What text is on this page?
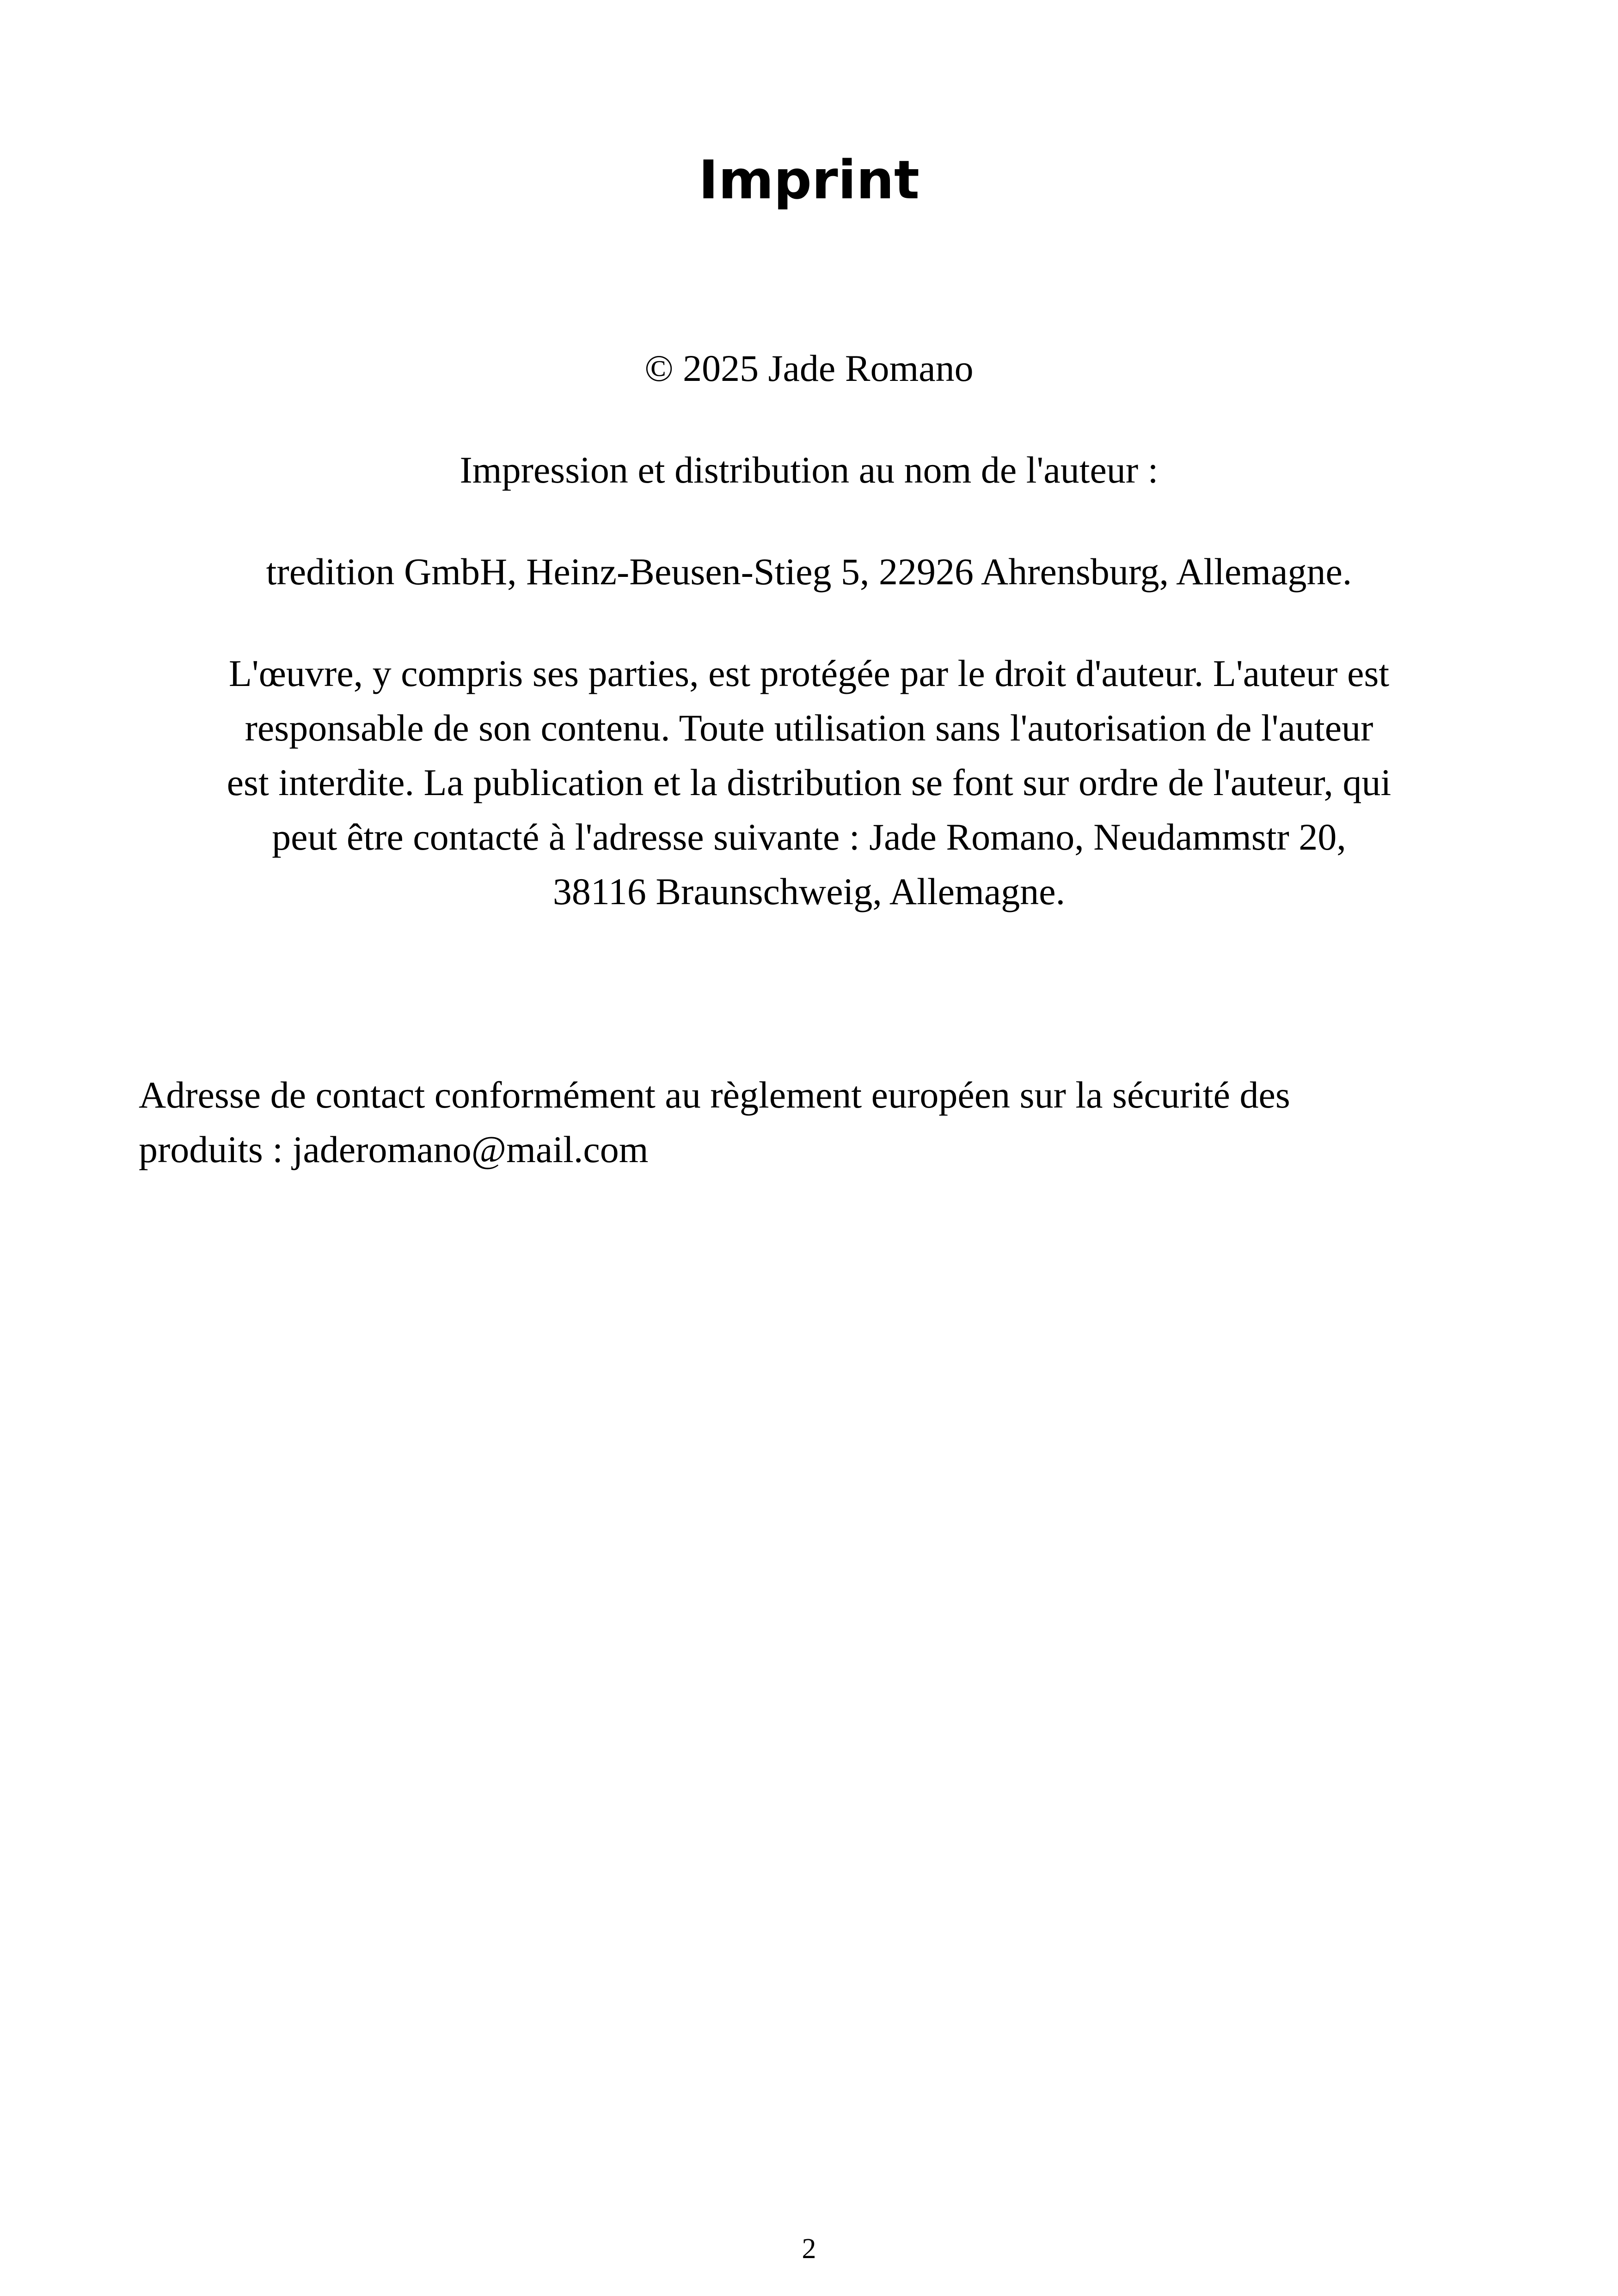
Imprint

© 2025 Jade Romano

Impression et distribution au nom de l'auteur :

tredition GmbH, Heinz-Beusen-Stieg 5, 22926 Ahrensburg, Allemagne.

L'œuvre, y compris ses parties, est protégée par le droit d'auteur. L'auteur est
responsable de son contenu. Toute utilisation sans l'autorisation de l'auteur
est interdite. La publication et la distribution se font sur ordre de l'auteur, qui
peut être contacté à l'adresse suivante : Jade Romano, Neudammstr 20,
38116 Braunschweig, Allemagne.
Adresse de contact conformément au règlement européen sur la sécurité des
produits : jaderomano@mail.com
2
